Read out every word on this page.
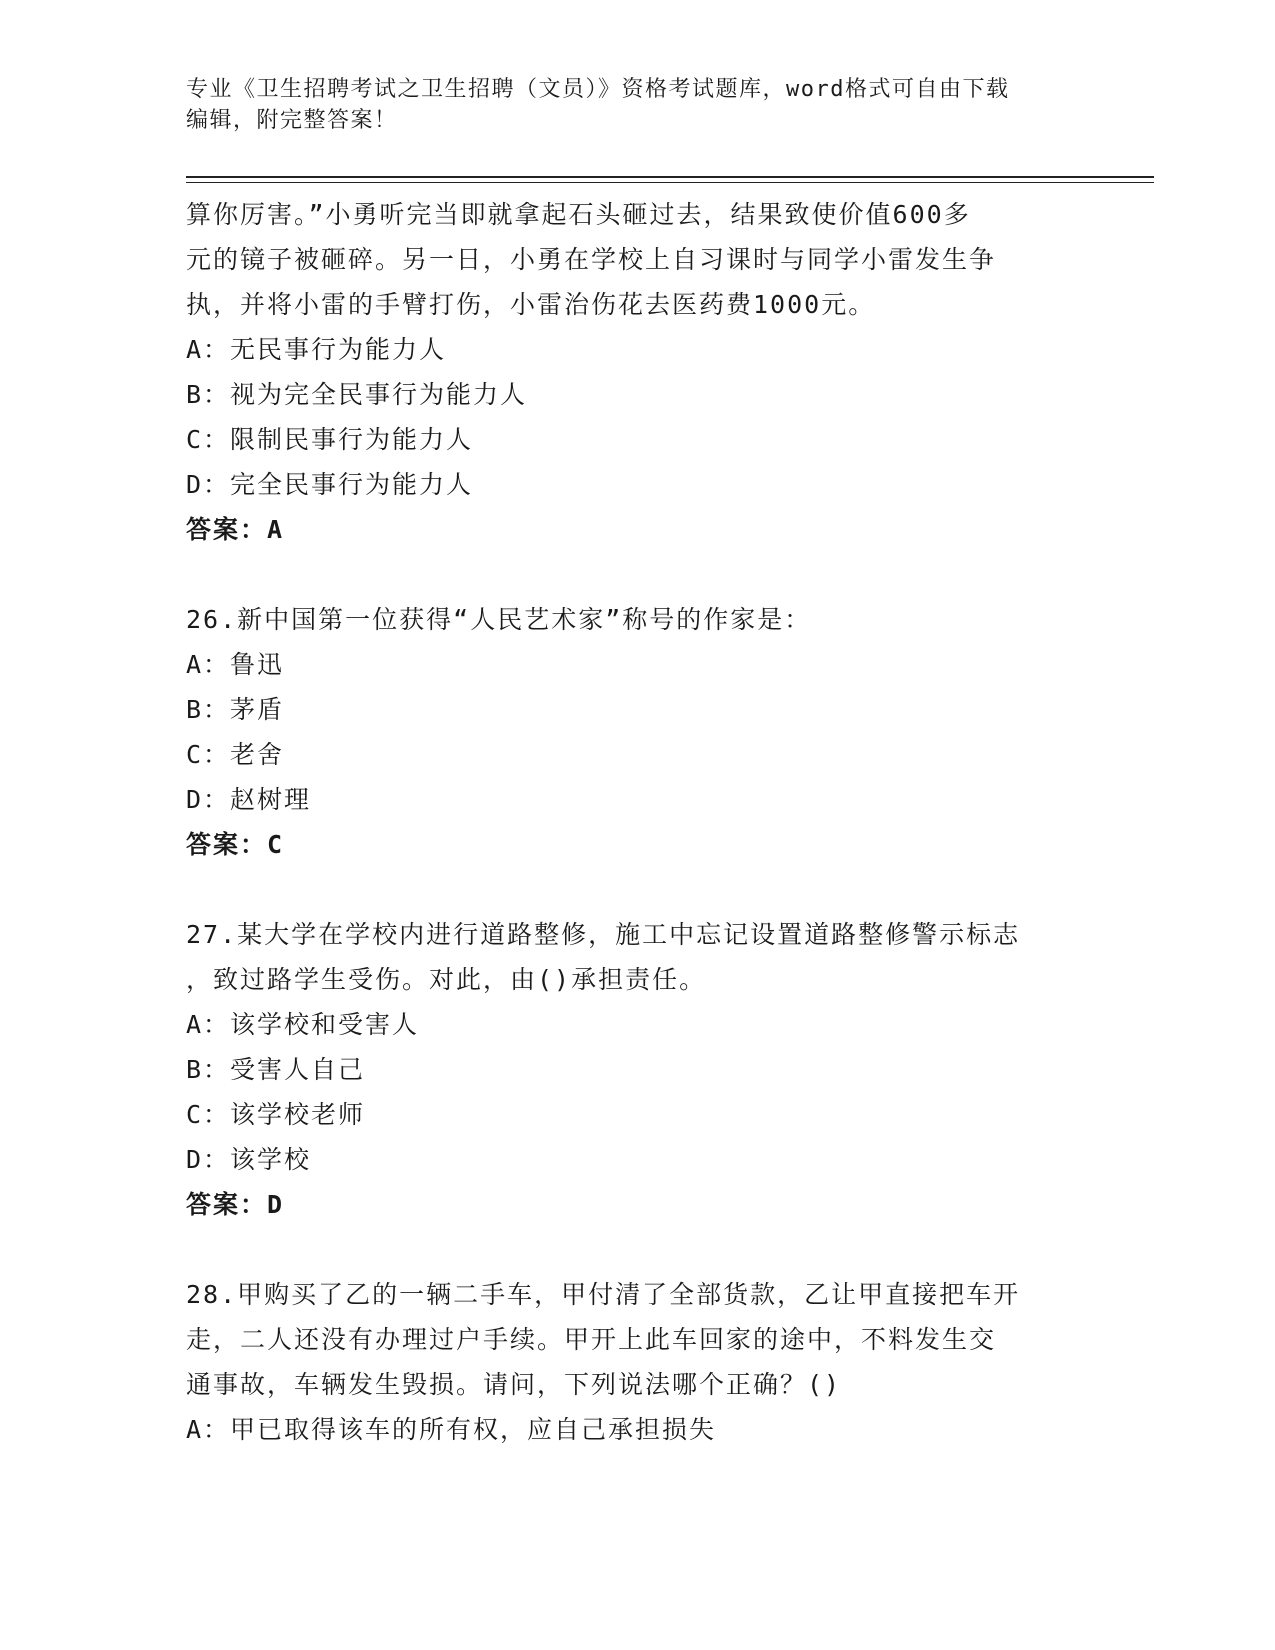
专业《卫生招聘考试之卫生招聘（文员）》资格考试题库，word格式可自由下载
编辑，附完整答案！
算你厉害。”小勇听完当即就拿起石头砸过去，结果致使价值600多
元的镜子被砸碎。另一日，小勇在学校上自习课时与同学小雷发生争
执，并将小雷的手臂打伤，小雷治伤花去医药费1000元。
A：无民事行为能力人
B：视为完全民事行为能力人
C：限制民事行为能力人
D：完全民事行为能力人
答案：A
26.新中国第一位获得“人民艺术家”称号的作家是：
A：鲁迅
B：茅盾
C：老舍
D：赵树理
答案：C
27.某大学在学校内进行道路整修，施工中忘记设置道路整修警示标志
，致过路学生受伤。对此，由()承担责任。
A：该学校和受害人
B：受害人自己
C：该学校老师
D：该学校
答案：D
28.甲购买了乙的一辆二手车，甲付清了全部货款，乙让甲直接把车开
走，二人还没有办理过户手续。甲开上此车回家的途中，不料发生交
通事故，车辆发生毁损。请问，下列说法哪个正确？()
A：甲已取得该车的所有权，应自己承担损失
